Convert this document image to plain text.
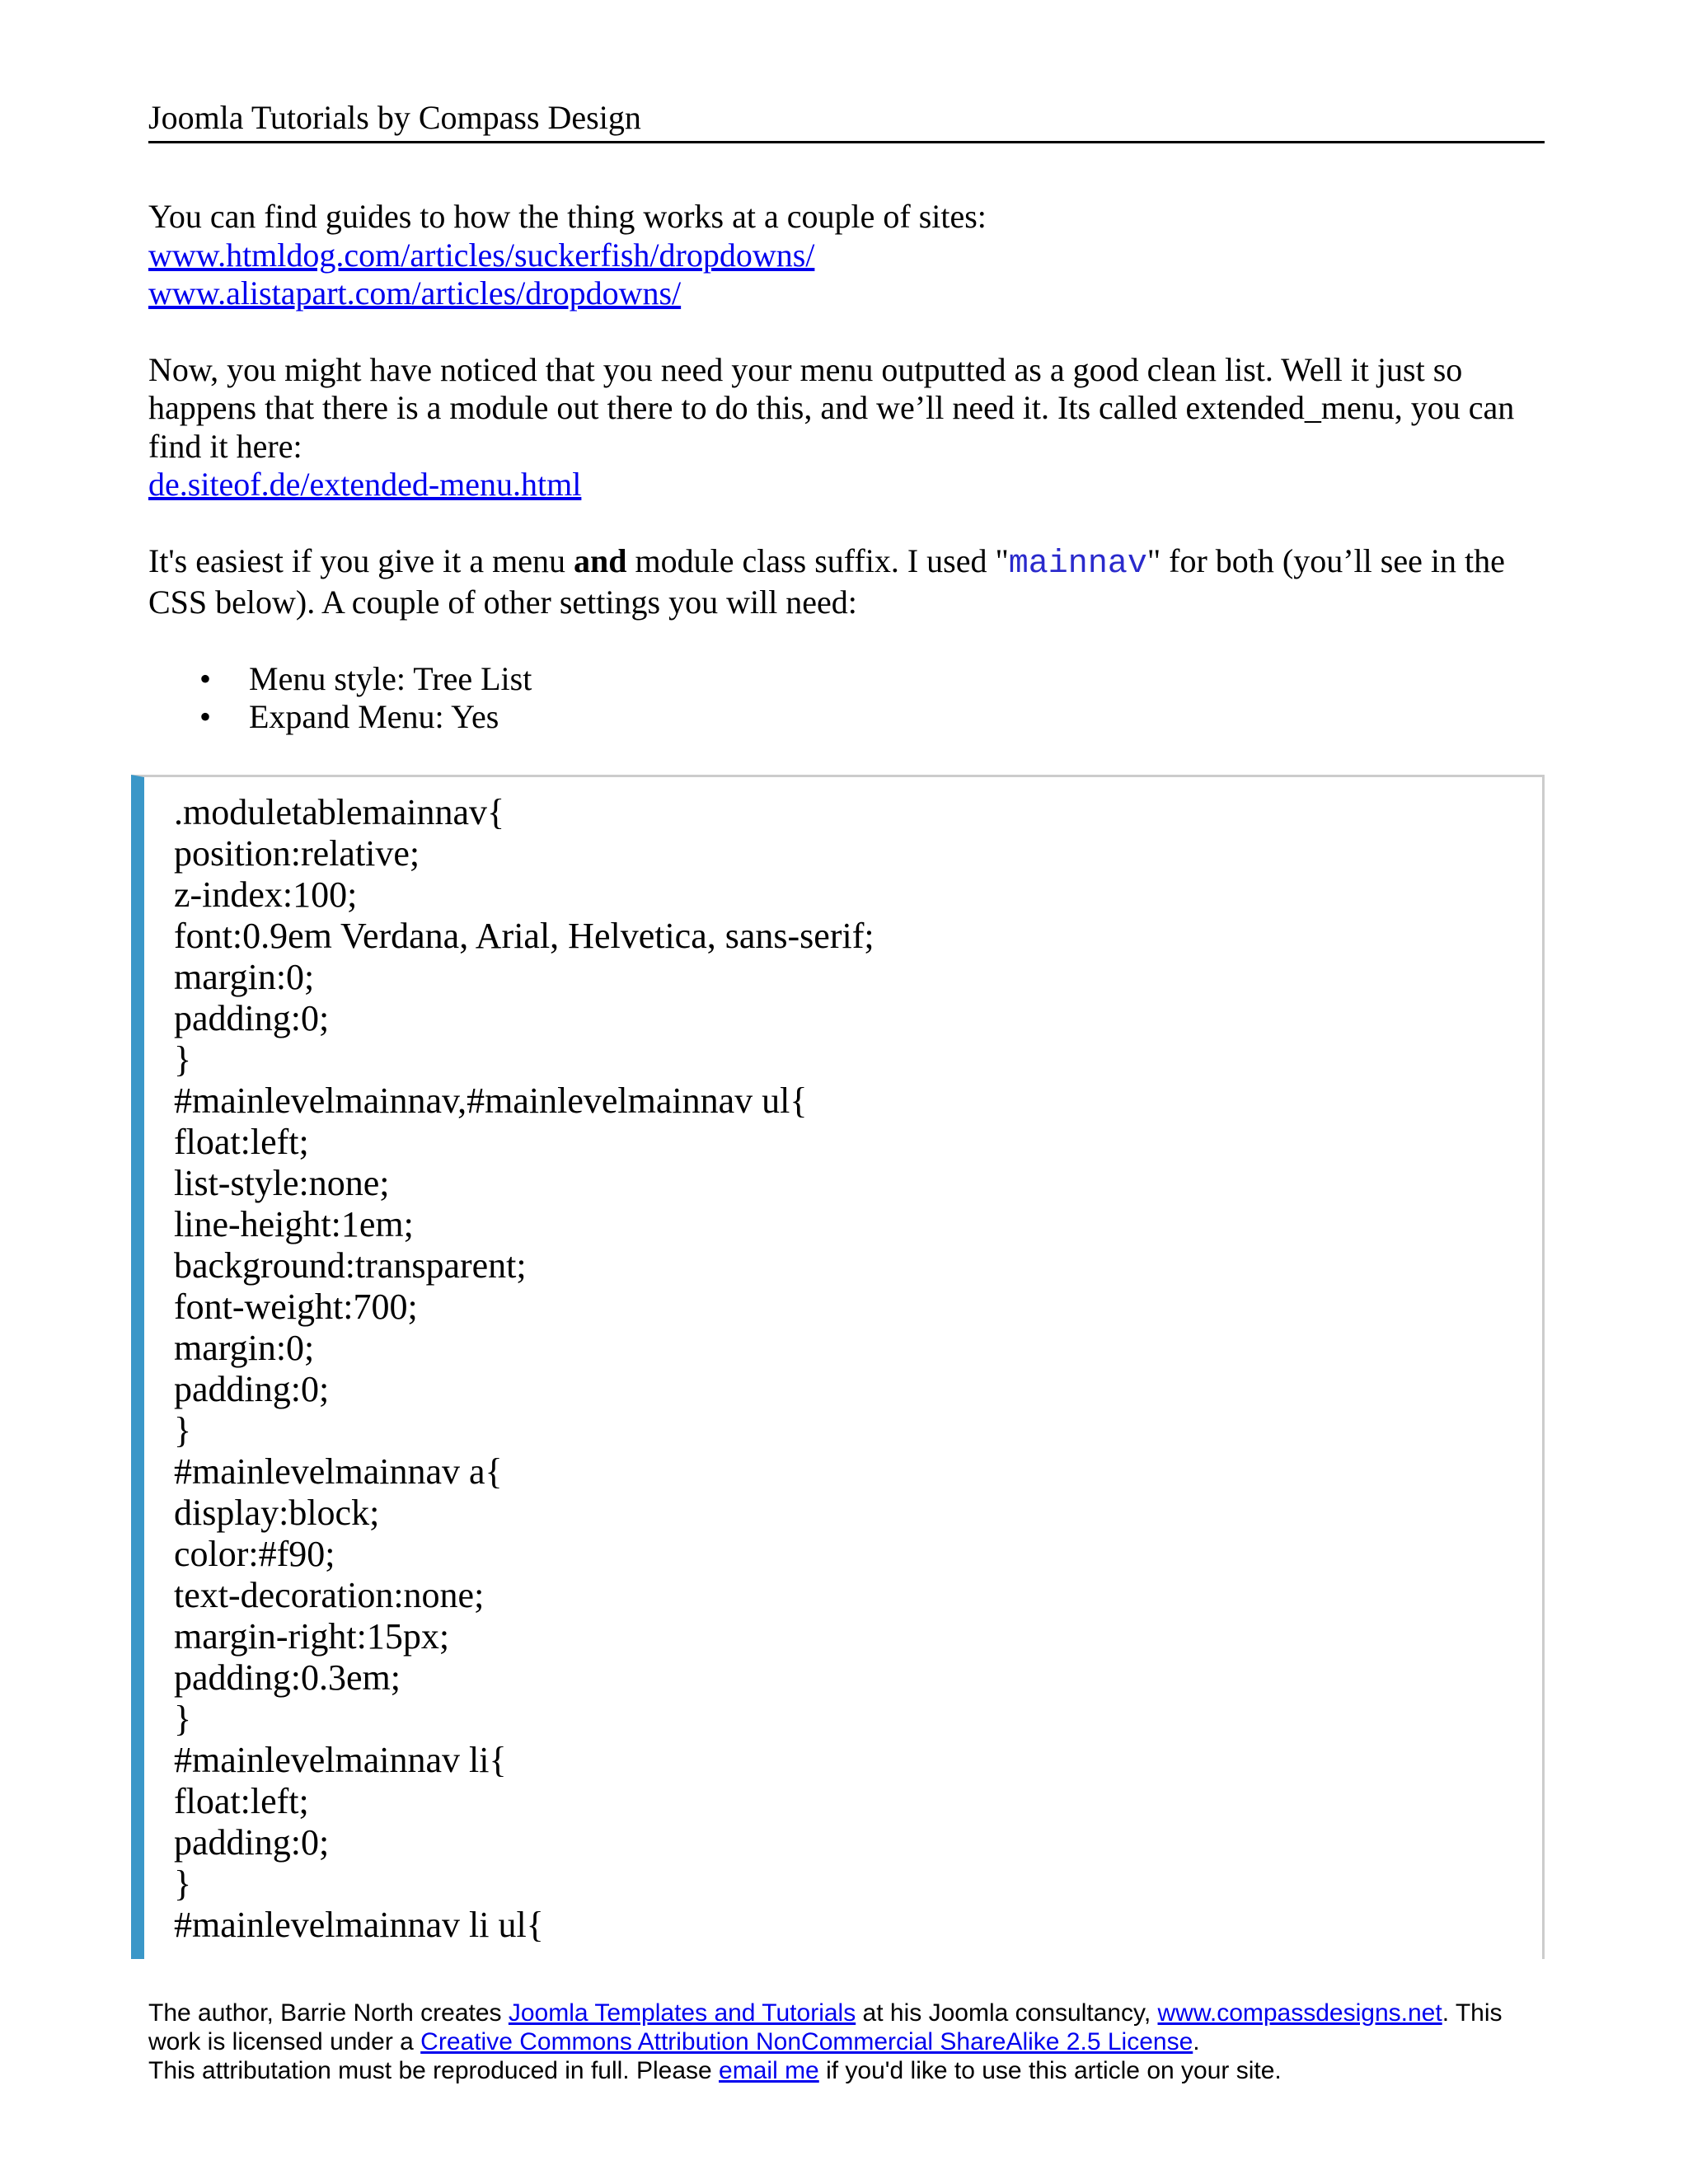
Joomla Tutorials by Compass Design

You can find guides to how the thing works at a couple of sites:
www.htmldog.com/articles/suckerfish/dropdowns/
www.alistapart.com/articles/dropdowns/

Now, you might have noticed that you need your menu outputted as a good clean list. Well it just so happens that there is a module out there to do this, and we’ll need it. Its called extended_menu, you can find it here:
de.siteof.de/extended-menu.html

It's easiest if you give it a menu and module class suffix. I used "mainnav" for both (you’ll see in the CSS below). A couple of other settings you will need:

• Menu style: Tree List
• Expand Menu: Yes
.moduletablemainnav{
position:relative;
z-index:100;
font:0.9em Verdana, Arial, Helvetica, sans-serif;
margin:0;
padding:0;
}
#mainlevelmainnav,#mainlevelmainnav ul{
float:left;
list-style:none;
line-height:1em;
background:transparent;
font-weight:700;
margin:0;
padding:0;
}
#mainlevelmainnav a{
display:block;
color:#f90;
text-decoration:none;
margin-right:15px;
padding:0.3em;
}
#mainlevelmainnav li{
float:left;
padding:0;
}
#mainlevelmainnav li ul{
The author, Barrie North creates Joomla Templates and Tutorials at his Joomla consultancy, www.compassdesigns.net. This work is licensed under a Creative Commons Attribution NonCommercial ShareAlike 2.5 License.
This attributation must be reproduced in full. Please email me if you'd like to use this article on your site.
